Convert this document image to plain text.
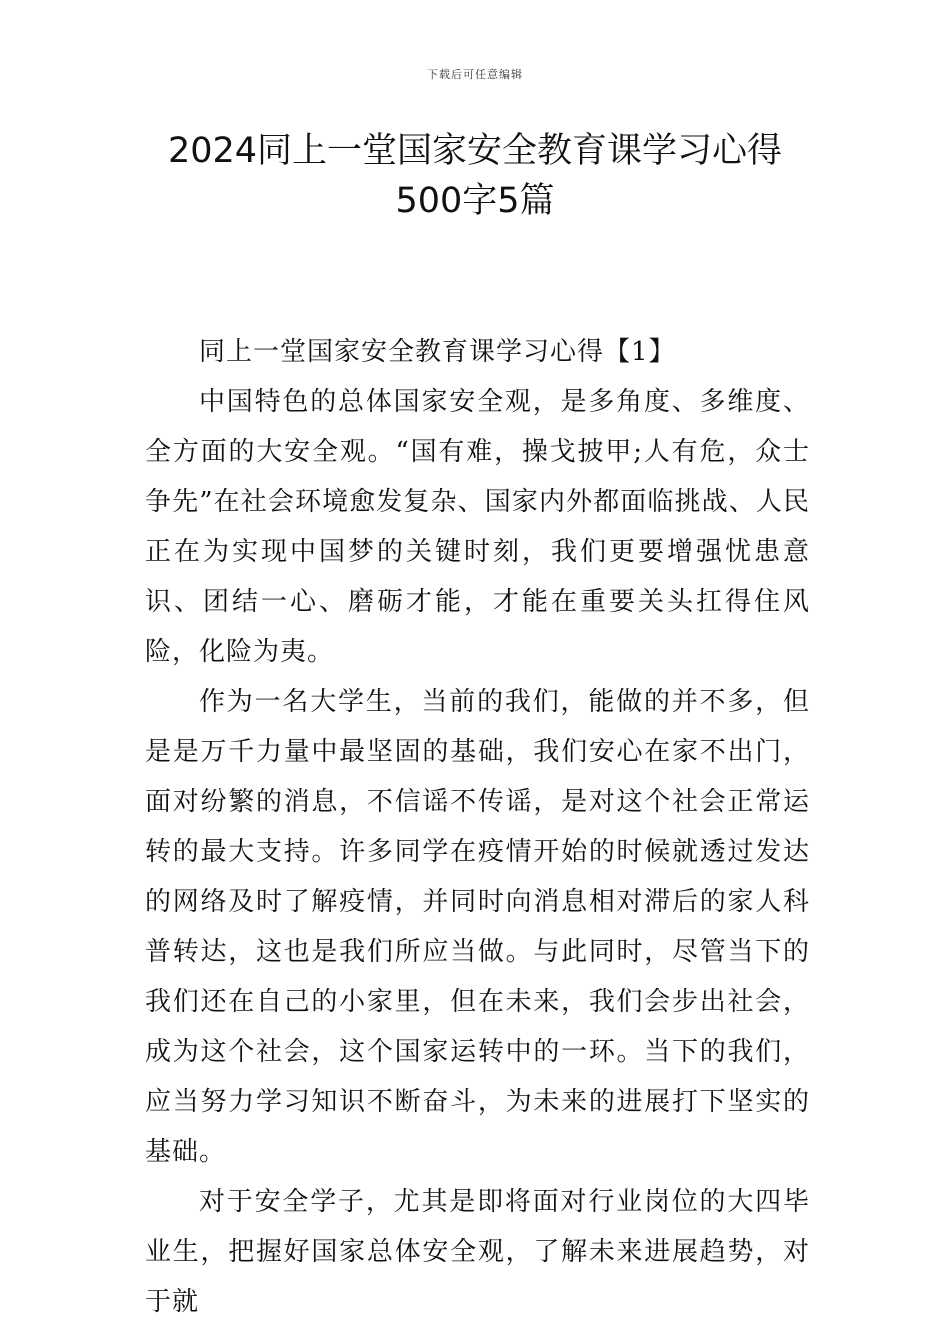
下载后可任意编辑
2024同上一堂国家安全教育课学习心得
500字5篇

同上一堂国家安全教育课学习心得【1】

中国特色的总体国家安全观，是多角度、多维度、全方面的大安全观。“国有难，操戈披甲;人有危，众士争先”在社会环境愈发复杂、国家内外都面临挑战、人民正在为实现中国梦的关键时刻，我们更要增强忧患意识、团结一心、磨砺才能，才能在重要关头扛得住风险，化险为夷。

作为一名大学生，当前的我们，能做的并不多，但是是万千力量中最坚固的基础，我们安心在家不出门，面对纷繁的消息，不信谣不传谣，是对这个社会正常运转的最大支持。许多同学在疫情开始的时候就透过发达的网络及时了解疫情，并同时向消息相对滞后的家人科普转达，这也是我们所应当做。与此同时，尽管当下的我们还在自己的小家里，但在未来，我们会步出社会，成为这个社会，这个国家运转中的一环。当下的我们，应当努力学习知识不断奋斗，为未来的进展打下坚实的基础。

对于安全学子，尤其是即将面对行业岗位的大四毕业生，把握好国家总体安全观，了解未来进展趋势，对于就
